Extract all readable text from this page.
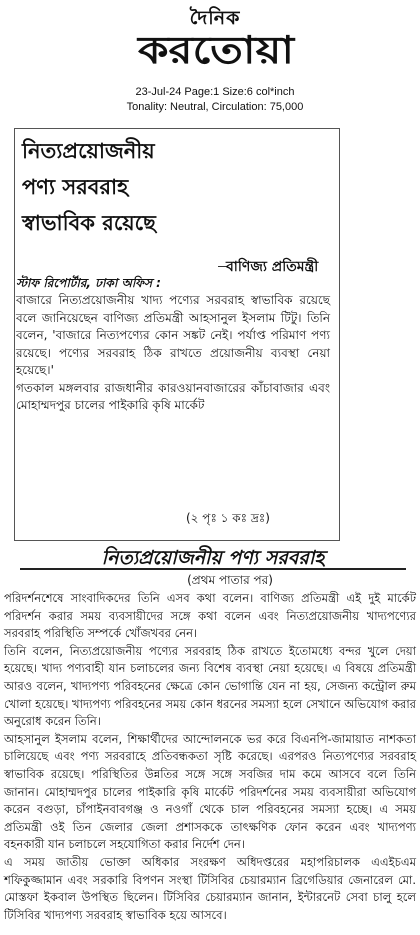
দৈনিক
করতোয়া
23-Jul-24 Page:1 Size:6 col*inch
Tonality: Neutral, Circulation: 75,000
নিত্যপ্রয়োজনীয়
পণ্য সরবরাহ
স্বাভাবিক রয়েছে
বাণিজ্য প্রতিমন্ত্রী
স্টাফ রিপোর্টার, ঢাকা অফিস :

বাজারে নিত্যপ্রয়োজনীয় খাদ্য পণ্যের সরবরাহ স্বাভাবিক রয়েছে বলে জানিয়েছেন বাণিজ্য প্রতিমন্ত্রী আহসানুল ইসলাম টিটু। তিনি বলেন, 'বাজারে নিত্যপণ্যের কোন সঙ্কট নেই। পর্যাপ্ত পরিমাণ পণ্য রয়েছে। পণ্যের সরবরাহ ঠিক রাখতে প্রয়োজনীয় ব্যবস্থা নেয়া হয়েছে।'

গতকাল মঙ্গলবার রাজধানীর কারওয়ানবাজারের কাঁচাবাজার এবং মোহাম্মদপুর চালের পাইকারি কৃষি মার্কেট

(২ পৃঃ ১ কঃ দ্রঃ)
নিত্যপ্রয়োজনীয় পণ্য সরবরাহ
(প্রথম পাতার পর)

পরিদর্শনশেষে সাংবাদিকদের তিনি এসব কথা বলেন। বাণিজ্য প্রতিমন্ত্রী এই দুই মার্কেট পরিদর্শন করার সময় ব্যবসায়ীদের সঙ্গে কথা বলেন এবং নিত্যপ্রয়োজনীয় খাদ্যপণ্যের সরবরাহ পরিস্থিতি সম্পর্কে খোঁজখবর নেন।

তিনি বলেন, নিত্যপ্রয়োজনীয় পণ্যের সরবরাহ ঠিক রাখতে ইতোমধ্যে বন্দর খুলে দেয়া হয়েছে। খাদ্য পণ্যবাহী যান চলাচলের জন্য বিশেষ ব্যবস্থা নেয়া হয়েছে। এ বিষয়ে প্রতিমন্ত্রী আরও বলেন, খাদ্যপণ্য পরিবহনের ক্ষেত্রে কোন ভোগান্তি যেন না হয়, সেজন্য কন্ট্রোল রুম খোলা হয়েছে। খাদ্যপণ্য পরিবহনের সময় কোন ধরনের সমস্যা হলে সেখানে অভিযোগ করার অনুরোধ করেন তিনি।

আহসানুল ইসলাম বলেন, শিক্ষার্থীদের আন্দোলনকে ভর করে বিএনপি-জামায়াত নাশকতা চালিয়েছে এবং পণ্য সরবরাহে প্রতিবন্ধকতা সৃষ্টি করেছে। এরপরও নিত্যপণ্যের সরবরাহ স্বাভাবিক রয়েছে। পরিস্থিতির উন্নতির সঙ্গে সঙ্গে সবজির দাম কমে আসবে বলে তিনি জানান। মোহাম্মদপুর চালের পাইকারি কৃষি মার্কেট পরিদর্শনের সময় ব্যবসায়ীরা অভিযোগ করেন বগুড়া, চাঁপাইনবাবগঞ্জ ও নওগাঁ থেকে চাল পরিবহনের সমস্যা হচ্ছে। এ সময় প্রতিমন্ত্রী ওই তিন জেলার জেলা প্রশাসককে তাৎক্ষণিক ফোন করেন এবং খাদ্যপণ্য বহনকারী যান চলাচলে সহযোগিতা করার নির্দেশ দেন।

এ সময় জাতীয় ভোক্তা অধিকার সংরক্ষণ অধিদপ্তরের মহাপরিচালক এএইচএম শফিকুজ্জামান এবং সরকারি বিপণন সংস্থা টিসিবির চেয়ারম্যান ব্রিগেডিয়ার জেনারেল মো. মোস্তফা ইকবাল উপস্থিত ছিলেন। টিসিবির চেয়ারম্যান জানান, ইন্টারনেট সেবা চালু হলে টিসিবির খাদ্যপণ্য সরবরাহ স্বাভাবিক হয়ে আসবে।
